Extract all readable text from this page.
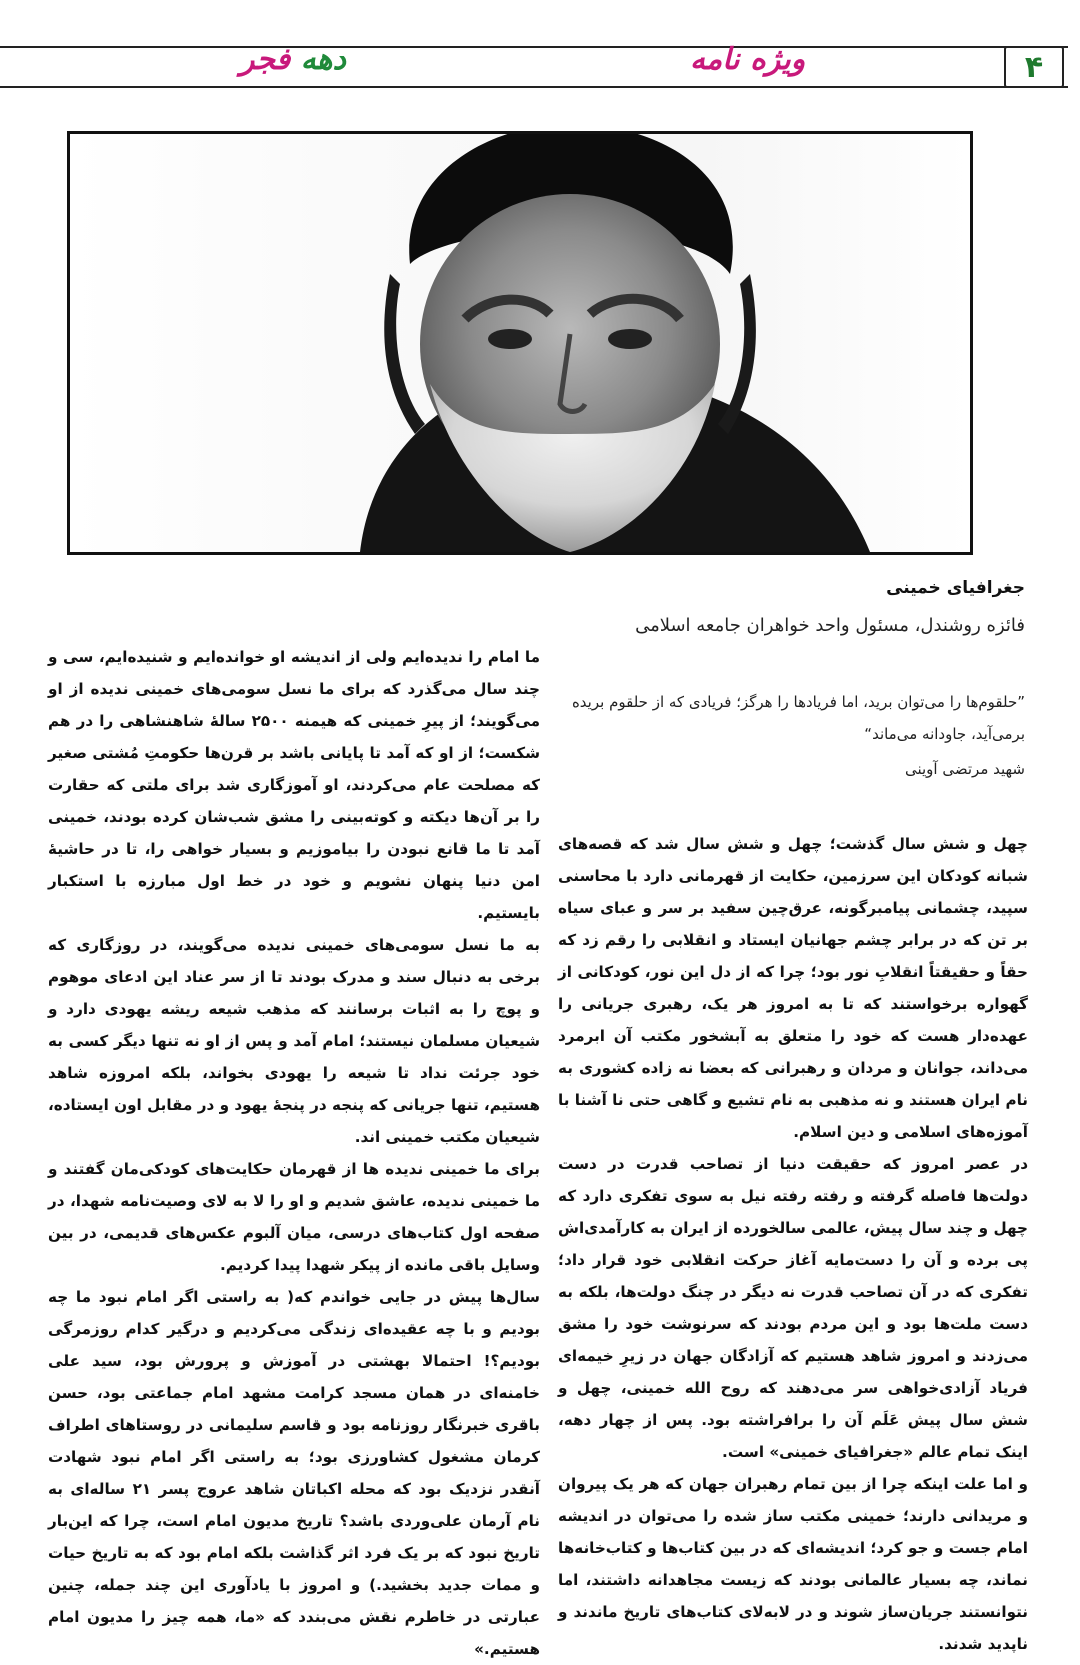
۴
ویژه نامه
دهه فجر
جغرافیای خمینی
فائزه روشندل، مسئول واحد خواهران جامعه اسلامی
”حلقوم‌ها را می‌توان برید، اما فریادها را هرگز؛ فریادی که از حلقوم بریده برمی‌آید، جاودانه می‌ماند“
شهید مرتضی آوینی

چهل و شش سال گذشت؛ چهل و شش سال شد که قصه‌های شبانه کودکان این سرزمین، حکایت از قهرمانی دارد با محاسنی سپید، چشمانی پیامبرگونه، عرق‌چین سفید بر سر و عبای سیاه بر تن که در برابر چشم جهانیان ایستاد و انقلابی را رقم زد که حقاً و حقیقتاً انقلابِ نور بود؛ چرا که از دل این نور، کودکانی از گهواره برخواستند که تا به امروز هر یک، رهبری جریانی را عهده‌دار هست که خود را متعلق به آبشخور مکتب آن ابرمرد می‌داند، جوانان و مردان و رهبرانی که بعضا نه زاده کشوری به نام ایران هستند و نه مذهبی به نام تشیع و گاهی حتی نا آشنا با آموزه‌های اسلامی و دین اسلام.

در عصر امروز که حقیقت دنیا از تصاحب قدرت در دست دولت‌ها فاصله گرفته و رفته رفته نیل به سوی تفکری دارد که چهل و چند سال پیش، عالمی سالخورده از ایران به کارآمدی‌اش پی برده و آن را دست‌مایه آغاز حرکت انقلابی خود قرار داد؛ تفکری که در آن تصاحب قدرت نه دیگر در چنگ دولت‌ها، بلکه به دست ملت‌ها بود و این مردم بودند که سرنوشت خود را مشق می‌زدند و امروز شاهد هستیم که آزادگان جهان در زیرِ خیمه‌ای فریاد آزادی‌خواهی سر می‌دهند که روح الله خمینی، چهل و شش سال پیش عَلَم آن را برافراشته بود. پس از چهار دهه، اینک تمام عالم «جغرافیای خمینی» است.

و اما علت اینکه چرا از بین تمام رهبران جهان که هر یک پیروان و مریدانی دارند؛ خمینی مکتب ساز شده را می‌توان در اندیشه امام جست و جو کرد؛ اندیشه‌ای که در بین کتاب‌ها و کتاب‌خانه‌ها نماند، چه بسیار عالمانی بودند که زیست مجاهدانه داشتند، اما نتوانستند جریان‌ساز شوند و در لابه‌لای کتاب‌های تاریخ ماندند و ناپدید شدند.

ما امام را ندیده‌ایم ولی از اندیشه او خوانده‌ایم و شنیده‌ایم، سی و چند سال می‌گذرد که برای ما نسل سومی‌های خمینی ندیده از او می‌گویند؛ از پیرِ خمینی که هیمنه ۲۵۰۰ سالهٔ شاهنشاهی را در هم شکست؛ از او که آمد تا پایانی باشد بر قرن‌ها حکومتِ مُشتی صغیر که مصلحت عام می‌کردند، او آموزگاری شد برای ملتی که حقارت را بر آن‌ها دیکته و کوته‌بینی را مشق شب‌شان کرده بودند، خمینی آمد تا ما قانع نبودن را بیاموزیم و بسیار خواهی را، تا در حاشیهٔ امن دنیا پنهان نشویم و خود در خط اول مبارزه با استکبار بایستیم.

به ما نسل سومی‌های خمینی ندیده می‌گویند، در روزگاری که برخی به دنبال سند و مدرک بودند تا از سر عناد این ادعای موهوم و پوچ را به اثبات برسانند که مذهب شیعه ریشه یهودی دارد و شیعیان مسلمان نیستند؛ امام آمد و پس از او نه تنها دیگر کسی به خود جرئت نداد تا شیعه را یهودی بخواند، بلکه امروزه شاهد هستیم، تنها جریانی که پنجه در پنجهٔ یهود و در مقابل اون ایستاده، شیعیان مکتب خمینی اند.

برای ما خمینی ندیده ها از قهرمان حکایت‌های کودکی‌مان گفتند و ما خمینی ندیده، عاشق شدیم و او را لا به لای وصیت‌نامه شهدا، در صفحه اول کتاب‌های درسی، میان آلبوم عکس‌های قدیمی، در بین وسایل باقی مانده از پیکر شهدا پیدا کردیم.

سال‌ها پیش در جایی خواندم که( به راستی اگر امام نبود ما چه بودیم و با چه عقیده‌ای زندگی می‌کردیم و درگیر کدام روزمرگی بودیم؟! احتمالا بهشتی در آموزش و پرورش بود، سید علی خامنه‌ای در همان مسجد کرامت مشهد امام جماعتی بود، حسن باقری خبرنگار روزنامه بود و قاسم سلیمانی در روستاهای اطراف کرمان مشغول کشاورزی بود؛ به راستی اگر امام نبود شهادت آنقدر نزدیک بود که محله اکباتان شاهد عروج پسر ۲۱ ساله‌ای به نام آرمان علی‌وردی باشد؟ تاریخ مدیون امام است، چرا که این‌بار تاریخ نبود که بر یک فرد اثر گذاشت بلکه امام بود که به تاریخ حیات و ممات جدید بخشید.) و امروز با یادآوری این چند جمله، چنین عبارتی در خاطرم نقش می‌بندد که «ما، همه چیز را مدیون امام هستیم.»
